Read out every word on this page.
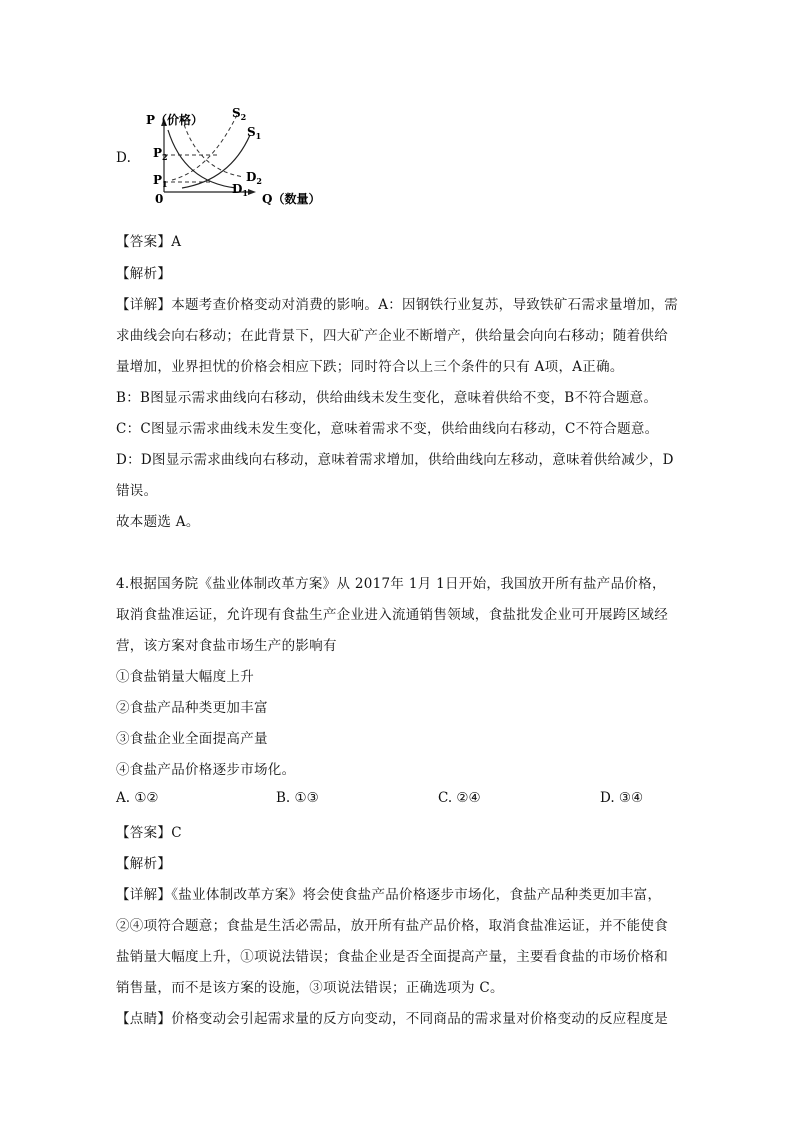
D.
P（价格） $S_2$
$S_1$
$P_2$
$P_1$	$D_2$
$D_1$
0	Q（数量）
【答案】A
【解析】
【详解】本题考查价格变动对消费的影响。A：因钢铁行业复苏，导致铁矿石需求量增加，需
求曲线会向右移动；在此背景下，四大矿产企业不断增产，供给量会向向右移动；随着供给
量增加，业界担忧的价格会相应下跌；同时符合以上三个条件的只有 A项，A正确。
B：B图显示需求曲线向右移动，供给曲线未发生变化，意味着供给不变，B不符合题意。
C：C图显示需求曲线未发生变化，意味着需求不变，供给曲线向右移动，C不符合题意。
D：D图显示需求曲线向右移动，意味着需求增加，供给曲线向左移动，意味着供给减少，D
错误。
故本题选 A。
4.根据国务院《盐业体制改革方案》从 2017年 1月 1日开始，我国放开所有盐产品价格，
取消食盐准运证，允许现有食盐生产企业进入流通销售领域，食盐批发企业可开展跨区域经
营，该方案对食盐市场生产的影响有
①食盐销量大幅度上升
②食盐产品种类更加丰富
③食盐企业全面提高产量
④食盐产品价格逐步市场化。
A. ①②	B. ①③	C. ②④	D. ③④
【答案】C
【解析】
【详解】《盐业体制改革方案》将会使食盐产品价格逐步市场化，食盐产品种类更加丰富，
②④项符合题意；食盐是生活必需品，放开所有盐产品价格，取消食盐准运证，并不能使食
盐销量大幅度上升，①项说法错误；食盐企业是否全面提高产量，主要看食盐的市场价格和
销售量，而不是该方案的设施，③项说法错误；正确选项为 C。
【点睛】价格变动会引起需求量的反方向变动，不同商品的需求量对价格变动的反应程度是
